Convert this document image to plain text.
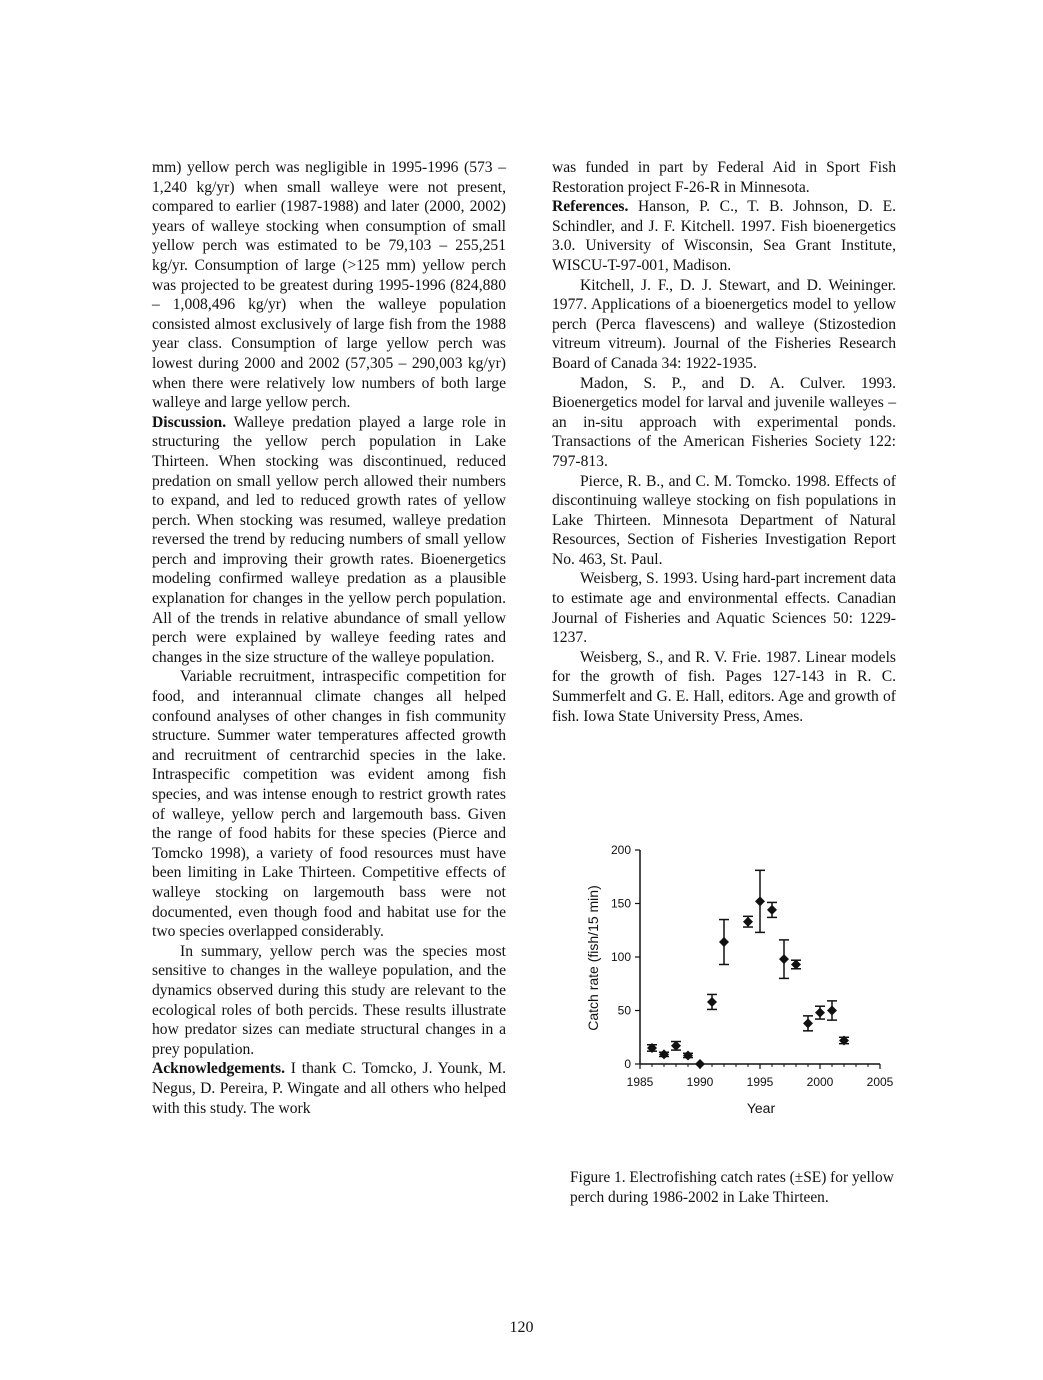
mm) yellow perch was negligible in 1995-1996 (573 – 1,240 kg/yr) when small walleye were not present, compared to earlier (1987-1988) and later (2000, 2002) years of walleye stocking when consumption of small yellow perch was estimated to be 79,103 – 255,251 kg/yr. Consumption of large (>125 mm) yellow perch was projected to be greatest during 1995-1996 (824,880 – 1,008,496 kg/yr) when the walleye population consisted almost exclusively of large fish from the 1988 year class. Consumption of large yellow perch was lowest during 2000 and 2002 (57,305 – 290,003 kg/yr) when there were relatively low numbers of both large walleye and large yellow perch.

Discussion. Walleye predation played a large role in structuring the yellow perch population in Lake Thirteen. When stocking was discontinued, reduced predation on small yellow perch allowed their numbers to expand, and led to reduced growth rates of yellow perch. When stocking was resumed, walleye predation reversed the trend by reducing numbers of small yellow perch and improving their growth rates. Bioenergetics modeling confirmed walleye predation as a plausible explanation for changes in the yellow perch population. All of the trends in relative abundance of small yellow perch were explained by walleye feeding rates and changes in the size structure of the walleye population.

Variable recruitment, intraspecific competition for food, and interannual climate changes all helped confound analyses of other changes in fish community structure. Summer water temperatures affected growth and recruitment of centrarchid species in the lake. Intraspecific competition was evident among fish species, and was intense enough to restrict growth rates of walleye, yellow perch and largemouth bass. Given the range of food habits for these species (Pierce and Tomcko 1998), a variety of food resources must have been limiting in Lake Thirteen. Competitive effects of walleye stocking on largemouth bass were not documented, even though food and habitat use for the two species overlapped considerably.

In summary, yellow perch was the species most sensitive to changes in the walleye population, and the dynamics observed during this study are relevant to the ecological roles of both percids. These results illustrate how predator sizes can mediate structural changes in a prey population.

Acknowledgements. I thank C. Tomcko, J. Younk, M. Negus, D. Pereira, P. Wingate and all others who helped with this study. The work

was funded in part by Federal Aid in Sport Fish Restoration project F-26-R in Minnesota.

References. Hanson, P. C., T. B. Johnson, D. E. Schindler, and J. F. Kitchell. 1997. Fish bioenergetics 3.0. University of Wisconsin, Sea Grant Institute, WISCU-T-97-001, Madison.

Kitchell, J. F., D. J. Stewart, and D. Weininger. 1977. Applications of a bioenergetics model to yellow perch (Perca flavescens) and walleye (Stizostedion vitreum vitreum). Journal of the Fisheries Research Board of Canada 34: 1922-1935.

Madon, S. P., and D. A. Culver. 1993. Bioenergetics model for larval and juvenile walleyes – an in-situ approach with experimental ponds. Transactions of the American Fisheries Society 122: 797-813.

Pierce, R. B., and C. M. Tomcko. 1998. Effects of discontinuing walleye stocking on fish populations in Lake Thirteen. Minnesota Department of Natural Resources, Section of Fisheries Investigation Report No. 463, St. Paul.

Weisberg, S. 1993. Using hard-part increment data to estimate age and environmental effects. Canadian Journal of Fisheries and Aquatic Sciences 50: 1229-1237.

Weisberg, S., and R. V. Frie. 1987. Linear models for the growth of fish. Pages 127-143 in R. C. Summerfelt and G. E. Hall, editors. Age and growth of fish. Iowa State University Press, Ames.

0
50
100
150
200
1985	1990	1995	2000	2005
Year
Catch rate (fish/15 min)
Figure 1. Electrofishing catch rates (±SE) for yellow perch during 1986-2002 in Lake Thirteen.
120
